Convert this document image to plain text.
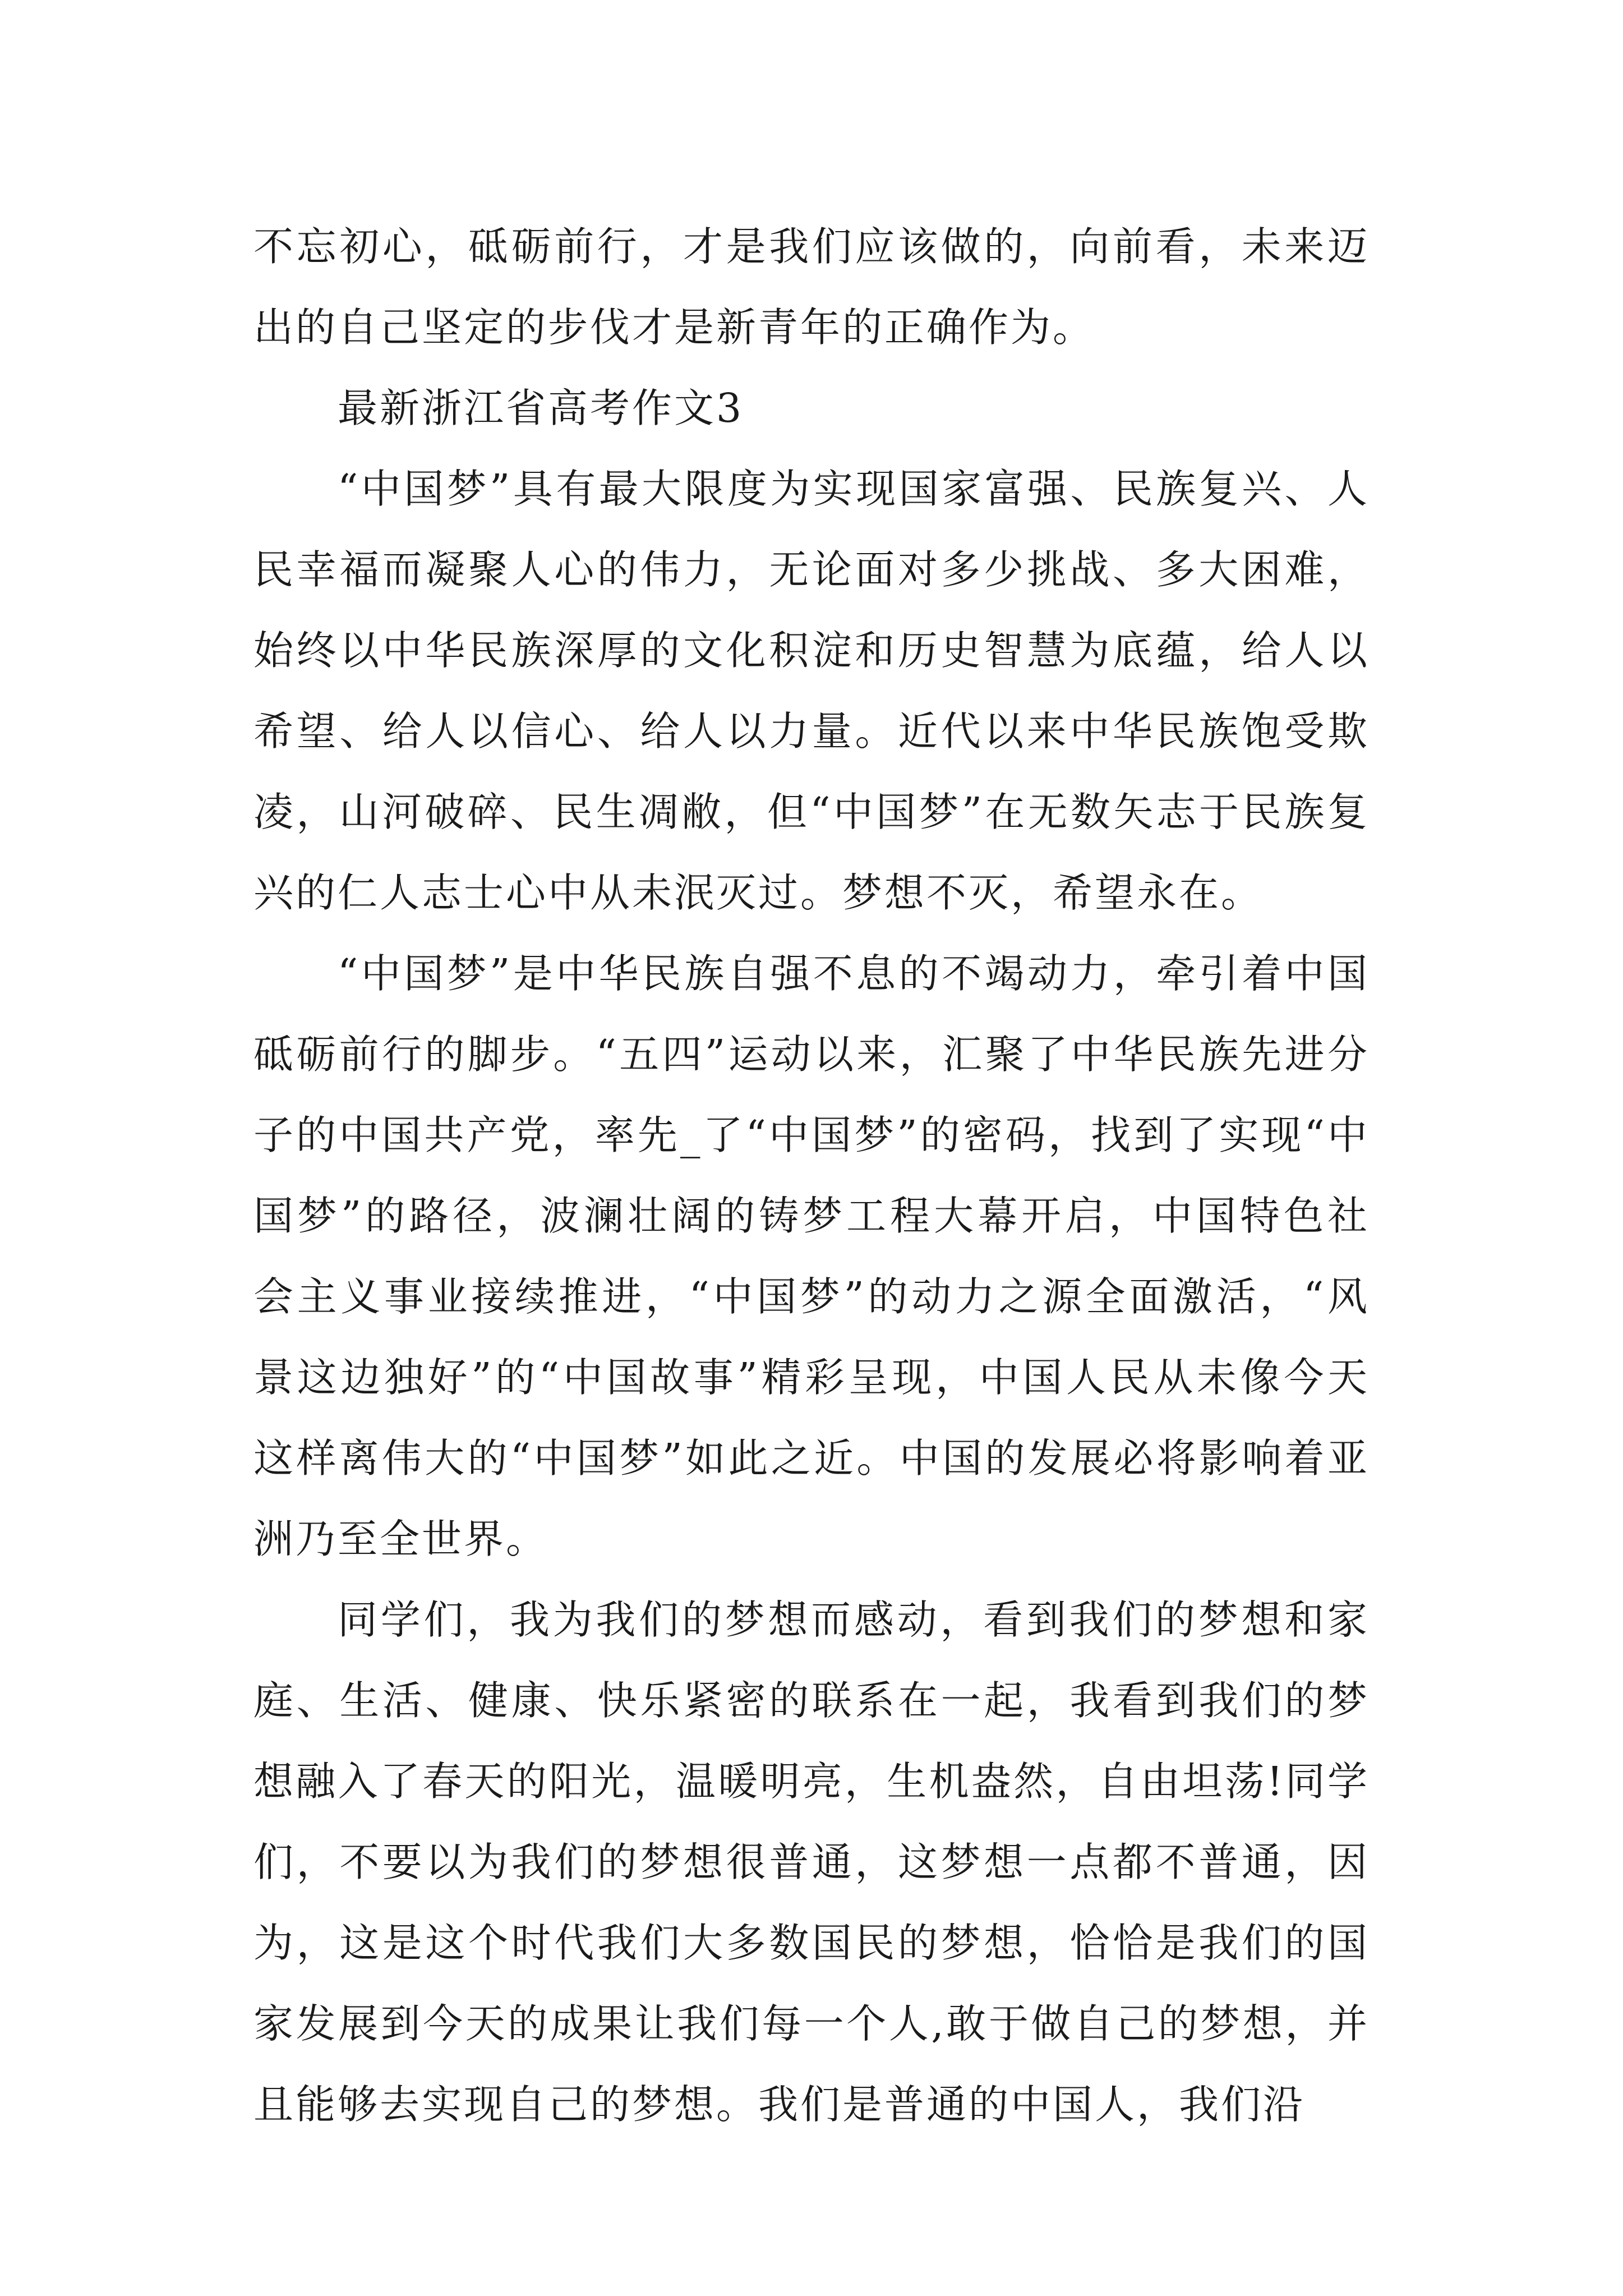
不忘初心，砥砺前行，才是我们应该做的，向前看，未来迈出的自己坚定的步伐才是新青年的正确作为。

最新浙江省高考作文3

“中国梦”具有最大限度为实现国家富强、民族复兴、人民幸福而凝聚人心的伟力，无论面对多少挑战、多大困难，始终以中华民族深厚的文化积淀和历史智慧为底蕴，给人以希望、给人以信心、给人以力量。近代以来中华民族饱受欺凌，山河破碎、民生凋敝，但“中国梦”在无数矢志于民族复兴的仁人志士心中从未泯灭过。梦想不灭，希望永在。

“中国梦”是中华民族自强不息的不竭动力，牵引着中国砥砺前行的脚步。“五四”运动以来，汇聚了中华民族先进分子的中国共产党，率先_了“中国梦”的密码，找到了实现“中国梦”的路径，波澜壮阔的铸梦工程大幕开启，中国特色社会主义事业接续推进，“中国梦”的动力之源全面激活，“风景这边独好”的“中国故事”精彩呈现，中国人民从未像今天这样离伟大的“中国梦”如此之近。中国的发展必将影响着亚洲乃至全世界。

同学们，我为我们的梦想而感动，看到我们的梦想和家庭、生活、健康、快乐紧密的联系在一起，我看到我们的梦想融入了春天的阳光，温暖明亮，生机盎然，自由坦荡!同学们，不要以为我们的梦想很普通，这梦想一点都不普通，因为，这是这个时代我们大多数国民的梦想，恰恰是我们的国家发展到今天的成果让我们每一个人,敢于做自己的梦想，并且能够去实现自己的梦想。我们是普通的中国人，我们沿
